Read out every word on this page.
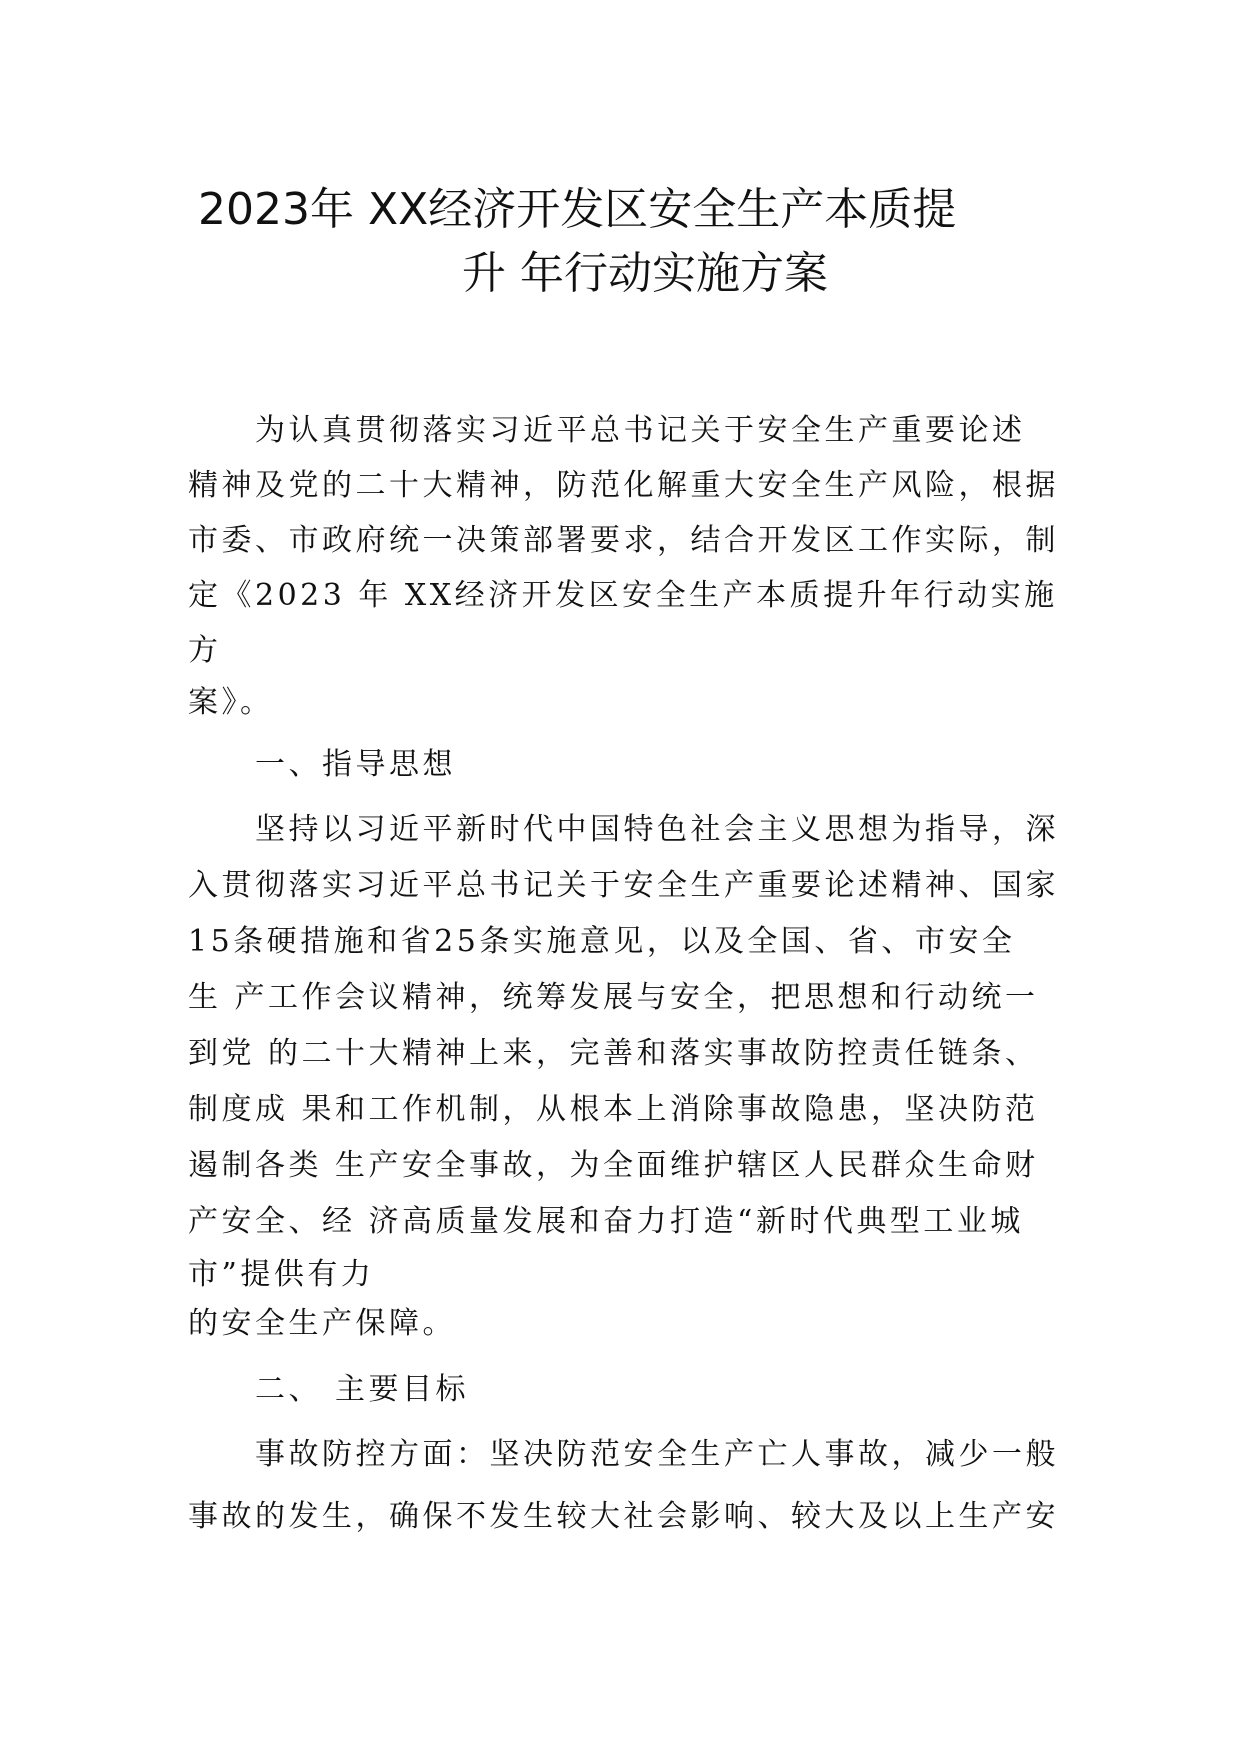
2023年 XX经济开发区安全生产本质提
升 年行动实施方案
为认真贯彻落实习近平总书记关于安全生产重要论述
精神及党的二十大精神，防范化解重大安全生产风险，根据
市委、市政府统一决策部署要求，结合开发区工作实际，制
定《2023 年 XX经济开发区安全生产本质提升年行动实施
方
案》。
一、指导思想
坚持以习近平新时代中国特色社会主义思想为指导，深
入贯彻落实习近平总书记关于安全生产重要论述精神、国家
15条硬措施和省25条实施意见，以及全国、省、市安全
生 产工作会议精神，统筹发展与安全，把思想和行动统一
到党 的二十大精神上来，完善和落实事故防控责任链条、
制度成 果和工作机制，从根本上消除事故隐患，坚决防范
遏制各类 生产安全事故，为全面维护辖区人民群众生命财
产安全、经 济高质量发展和奋力打造“新时代典型工业城
市”提供有力
的安全生产保障。
二、 主要目标
事故防控方面：坚决防范安全生产亡人事故，减少一般
事故的发生，确保不发生较大社会影响、较大及以上生产安
